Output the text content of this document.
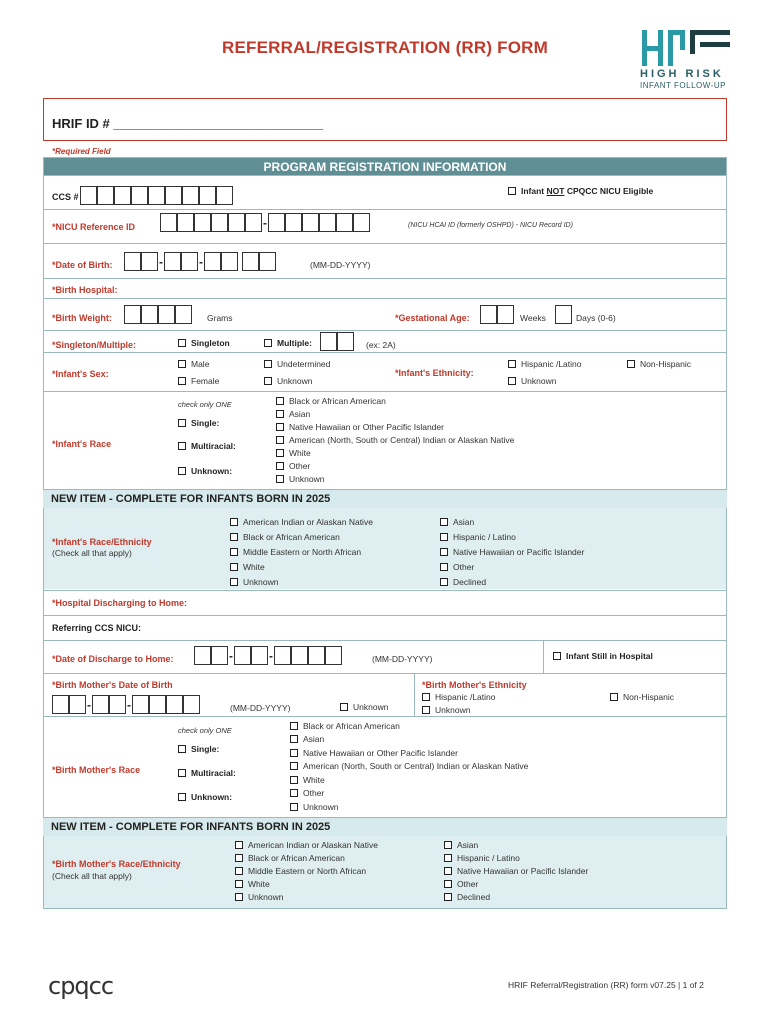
REFERRAL/REGISTRATION (RR) FORM
HIGH RISK
INFANT FOLLOW-UP
HRIF ID # _____________________________
*Required Field
PROGRAM REGISTRATION INFORMATION
CCS #
Infant NOT CPQCC NICU Eligible
*NICU Reference ID	-	(NICU HCAI ID (formerly OSHPD) - NICU Record ID)
*Date of Birth:	-	-	(MM-DD-YYYY)
*Birth Hospital:
*Birth Weight:	Grams	*Gestational Age:	Weeks	Days (0-6)
*Singleton/Multiple:	Singleton	Multiple:	(ex: 2A)
*Infant's Sex:
Male
Female
Undetermined
Unknown
*Infant's Ethnicity:
Hispanic /Latino
Unknown
Non-Hispanic
*Infant's Race
check only ONE
Single:
Multiracial:
Unknown:
Black or African American
Asian
Native Hawaiian or Other Pacific Islander
American (North, South or Central) Indian or Alaskan Native
White
Other
Unknown
NEW ITEM - COMPLETE FOR INFANTS BORN IN 2025
*Infant's Race/Ethnicity
(Check all that apply)
American Indian or Alaskan Native
Black or African American
Middle Eastern or North African
White
Unknown
Asian
Hispanic / Latino
Native Hawaiian or Pacific Islander
Other
Declined
*Hospital Discharging to Home:
Referring CCS NICU:
*Date of Discharge to Home:	-	-	(MM-DD-YYYY)	Infant Still in Hospital
*Birth Mother's Date of Birth
-	-	(MM-DD-YYYY)	Unknown
*Birth Mother's Ethnicity
Hispanic /Latino
Unknown
Non-Hispanic
*Birth Mother's Race
check only ONE
Single:
Multiracial:
Unknown:
Black or African American
Asian
Native Hawaiian or Other Pacific Islander
American (North, South or Central) Indian or Alaskan Native
White
Other
Unknown
NEW ITEM - COMPLETE FOR INFANTS BORN IN 2025
*Birth Mother's Race/Ethnicity
(Check all that apply)
American Indian or Alaskan Native
Black or African American
Middle Eastern or North African
White
Unknown
Asian
Hispanic / Latino
Native Hawaiian or Pacific Islander
Other
Declined
cpqcc	HRIF Referral/Registration (RR) form v07.25 | 1 of 2
